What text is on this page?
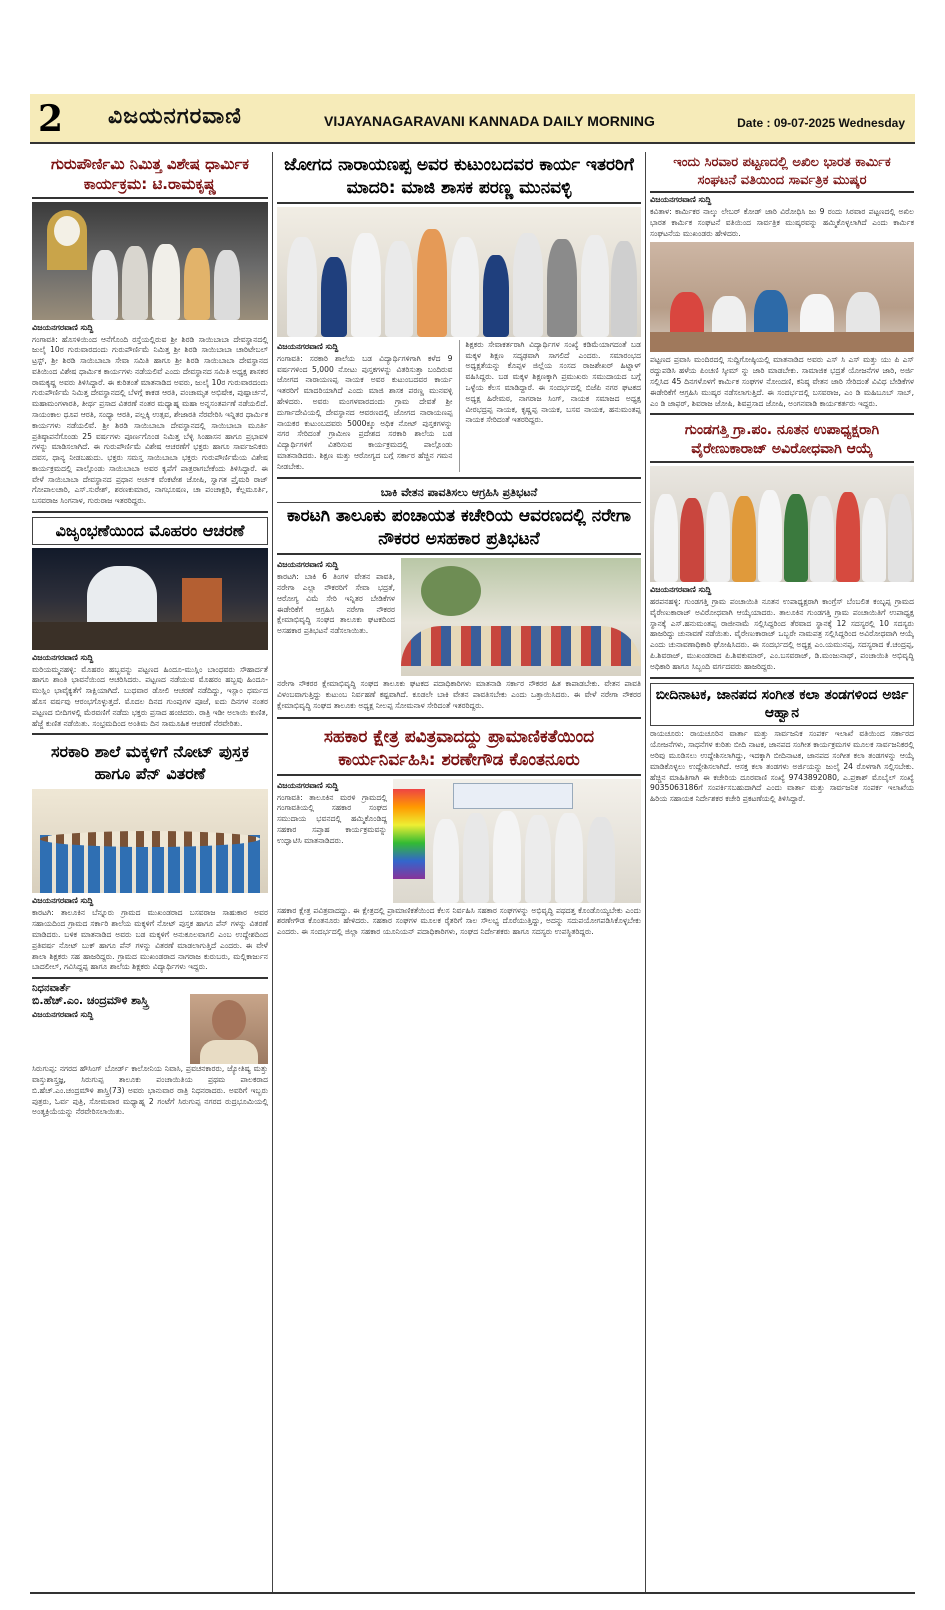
2 ವಿಜಯನಗರವಾಣಿ	VIJAYANAGARAVANI KANNADA DAILY MORNING	Date : 09-07-2025 Wednesday
ಗುರುಪೌರ್ಣಿಮಿ ನಿಮಿತ್ತ ವಿಶೇಷ ಧಾರ್ಮಿಕ ಕಾರ್ಯಕ್ರಮ: ಟಿ.ರಾಮಕೃಷ್ಣ
ವಿಜಯನಗರವಾಣಿ ಸುದ್ದಿ
ಗಂಗಾವತಿ: ಹೊಸಳಿಯಿಂದ ಆನೆಗೊಂದಿ ರಸ್ತೆಯಲ್ಲಿರುವ ಶ್ರೀ ಶಿರಡಿ ಸಾಯಿಬಾಬಾ ದೇವಸ್ಥಾನದಲ್ಲಿ ಜುಲೈ 10ರ ಗುರುವಾರದಂದು ಗುರುಪೌರ್ಣಿಮೆ ನಿಮಿತ್ತ ಶ್ರೀ ಶಿರಡಿ ಸಾಯಿಬಾಬಾ ಚಾರಿಟೇಬಲ್ ಟ್ರಸ್ಟ್, ಶ್ರೀ ಶಿರಡಿ ಸಾಯಿಬಾಬಾ ಸೇವಾ ಸಮಿತಿ ಹಾಗೂ ಶ್ರೀ ಶಿರಡಿ ಸಾಯಿಬಾಬಾ ದೇವಸ್ಥಾನದ ವತಿಯಿಂದ ವಿಶೇಷ ಧಾರ್ಮಿಕ ಕಾರ್ಯಗಳು ನಡೆಯಲಿವೆ ಎಂದು ದೇವಸ್ಥಾನದ ಸಮಿತಿ ಅಧ್ಯಕ್ಷ ಶಾಸಕರ ರಾಮಕೃಷ್ಣ ಅವರು ತಿಳಿಸಿದ್ದಾರೆ. ಈ ಕುರಿತಂತೆ ಮಾತನಾಡಿದ ಅವರು, ಜುಲೈ 10ರ ಗುರುವಾರದಂದು ಗುರುಪೌರ್ಣಿಮೆ ನಿಮಿತ್ತ ದೇವಸ್ಥಾನದಲ್ಲಿ ಬೆಳಗ್ಗೆ ಕಾಕಡ ಆರತಿ, ಪಂಚಾಮೃತ ಅಭಿಷೇಕ, ಪುಷ್ಪಾರ್ಚನೆ, ಮಹಾಮಂಗಳಾರತಿ, ತೀರ್ಥ ಪ್ರಸಾದ ವಿತರಣೆ ನಂತರ ಮಧ್ಯಾಹ್ನ ಮಹಾ ಅನ್ನಸಂತರ್ಪಣೆ ನಡೆಯಲಿದೆ. ಸಾಯಂಕಾಲ ಧೂಪ ಆರತಿ, ಸಂಧ್ಯಾ ಆರತಿ, ಪಲ್ಲಕ್ಕಿ ಉತ್ಸವ, ಶೇಜಾರತಿ ನೆರವೇರಿಸಿ ಇನ್ನಿತರ ಧಾರ್ಮಿಕ ಕಾರ್ಯಗಳು ನಡೆಯಲಿವೆ. ಶ್ರೀ ಶಿರಡಿ ಸಾಯಿಬಾಬಾ ದೇವಸ್ಥಾನದಲ್ಲಿ ಸಾಯಿಬಾಬಾ ಮೂರ್ತಿ ಪ್ರತಿಷ್ಠಾಪನೆಗೊಂಡು 25 ವರ್ಷಗಳು ಪೂರ್ಣಗೊಂಡ ನಿಮಿತ್ತ ಬೆಳ್ಳಿ ಸಿಂಹಾಸನ ಹಾಗೂ ಪ್ರಭಾವಳಿ ಗಳನ್ನು ಮಾಡಿಸಲಾಗಿದೆ. ಈ ಗುರುಪೌರ್ಣಿಮೆ ವಿಶೇಷ ಆಚರಣೆಗೆ ಭಕ್ತರು ಹಾಗೂ ಸಾರ್ವಜನಿಕರು ದವಸ, ಧಾನ್ಯ ನೀಡಬಹುದು. ಭಕ್ತರು ಸಮಸ್ತ ಸಾಯಿಬಾಬಾ ಭಕ್ತರು ಗುರುಪೌರ್ಣಿಮೆಯ ವಿಶೇಷ ಕಾರ್ಯಕ್ರಮದಲ್ಲಿ ಪಾಲ್ಗೊಂಡು ಸಾಯಿಬಾಬಾ ಅವರ ಕೃಪೆಗೆ ಪಾತ್ರರಾಗಬೇಕೆಂದು ತಿಳಿಸಿದ್ದಾರೆ. ಈ ವೇಳೆ ಸಾಯಿಬಾಬಾ ದೇವಸ್ಥಾನದ ಪ್ರಧಾನ ಅರ್ಚಕ ವೆಂಕಟೇಶ ಜೋಷಿ, ಸ್ವಾಗತ ಪ್ರೈಮರಿ ರಾಜ್ ಗೋಪಾಲಚಾರಿ, ಎಸ್.ಸುರೇಶ್, ಶರಣಕುಮಾರ, ನಾಗಭೂಷಣ, ಚಾ ಪಂಚಾಕ್ಷರಿ, ಕೆಲ್ಲಮೂರ್ತಿ, ಬಸವರಾಜ ಸಿಂಗನಾಳ, ಗುರುರಾಜ ಇತರರಿದ್ದರು.
ವಿಜೃಂಭಣೆಯಿಂದ ಮೊಹರಂ ಆಚರಣೆ
ವಿಜಯನಗರವಾಣಿ ಸುದ್ದಿ
ಮರಿಯಮ್ಮನಹಳ್ಳಿ: ಮೊಹರಂ ಹಬ್ಬವನ್ನು ಪಟ್ಟಣದ ಹಿಂದೂ-ಮುಸ್ಲಿಂ ಬಾಂಧವರು ಸೌಹಾರ್ದತೆ ಹಾಗೂ ಶಾಂತಿ ಭಾವನೆಯಿಂದ ಆಚರಿಸಿದರು. ಪಟ್ಟಣದ ನಡೆಯುವ ಮೊಹರಂ ಹಬ್ಬವು ಹಿಂದೂ-ಮುಸ್ಲಿಂ ಭಾವೈಕ್ಯತೆಗೆ ಸಾಕ್ಷಿಯಾಗಿದೆ. ಬುಧವಾರ ಡೋಲಿ ಆಚರಣೆ ನಡೆದಿದ್ದು, ಇಸ್ಲಾಂ ಧರ್ಮದ ಹೊಸ ವರ್ಷವು ಆರಂಭಗೊಳ್ಳುತ್ತದೆ. ಮೊದಲ ದಿನದ ಗುಂಪುಗಳ ಪೂಜೆ, ಐದು ದಿನಗಳ ನಂತರ ಪಟ್ಟಣದ ಬೀದಿಗಳಲ್ಲಿ ಮೆರವಣಿಗೆ ನಡೆದು ಭಕ್ತರು ಪ್ರಸಾದ ಹಂಚಿದರು. ರಾತ್ರಿ ಇಡೀ ಅಲಾಯಿ ಕುಣಿತ, ಹೆಜ್ಜೆ ಕುಣಿತ ನಡೆಯಿತು. ಸಂಭ್ರಮದಿಂದ ಅಂತಿಮ ದಿನ ಸಾಮೂಹಿಕ ಆಚರಣೆ ನೆರವೇರಿತು.
ಸರಕಾರಿ ಶಾಲೆ ಮಕ್ಕಳಿಗೆ ನೋಟ್ ಪುಸ್ತಕ ಹಾಗೂ ಪೆನ್ ವಿತರಣೆ
ವಿಜಯನಗರವಾಣಿ ಸುದ್ದಿ
ಕಾರಟಗಿ: ತಾಲೂಕಿನ ಬೆನ್ನೂರು ಗ್ರಾಮದ ಮುಖಂಡರಾದ ಬಸವರಾಜ ಸಾಹುಕಾರ ಅವರ ಸಹಾಯದಿಂದ ಗ್ರಾಮದ ಸರ್ಕಾರಿ ಶಾಲೆಯ ಮಕ್ಕಳಿಗೆ ನೋಟ್ ಪುಸ್ತಕ ಹಾಗೂ ಪೆನ್ ಗಳನ್ನು ವಿತರಣೆ ಮಾಡಿದರು. ಬಳಿಕ ಮಾತನಾಡಿದ ಅವರು ಬಡ ಮಕ್ಕಳಿಗೆ ಅನುಕೂಲವಾಗಲಿ ಎಂಬ ಉದ್ದೇಶದಿಂದ ಪ್ರತಿವರ್ಷ ನೋಟ್ ಬುಕ್ ಹಾಗೂ ಪೆನ್ ಗಳನ್ನು ವಿತರಣೆ ಮಾಡಲಾಗುತ್ತಿದೆ ಎಂದರು. ಈ ವೇಳೆ ಶಾಲಾ ಶಿಕ್ಷಕರು ಸಹ ಹಾಜರಿದ್ದರು. ಗ್ರಾಮದ ಮುಖಂಡರಾದ ನಾಗರಾಜ ಕುರುಬರು, ಮಲ್ಲಿಕಾರ್ಜುನ ಬಾದಲೀಲ್, ಗವಿಸಿದ್ದಪ್ಪ ಹಾಗೂ ಶಾಲೆಯ ಶಿಕ್ಷಕರು ವಿದ್ಯಾರ್ಥಿಗಳು ಇದ್ದರು.
ನಿಧನವಾರ್ತೆ
ಬಿ.ಹೆಚ್.ಎಂ. ಚಂದ್ರಮೌಳಿ ಶಾಸ್ತ್ರಿ
ವಿಜಯನಗರವಾಣಿ ಸುದ್ದಿ
ಸಿರುಗುಪ್ಪ: ನಗರದ ಹೌಸಿಂಗ್ ಬೋರ್ಡ್ ಕಾಲೋನಿಯ ನಿವಾಸಿ, ಪ್ರವಚನಕಾರರು, ಜ್ಯೋತಿಷ್ಯ ಮತ್ತು ವಾಸ್ತುಶಾಸ್ತ್ರಜ್ಞ, ಸಿರುಗುಪ್ಪ ತಾಲೂಕು ಪಂಚಾಯಿತಿಯ ಪ್ರಥಮ ಪಾಲಕರಾದ ಬಿ.ಹೆಚ್.ಎಂ.ಚಂದ್ರಮೌಳಿ ಶಾಸ್ತ್ರಿ(73) ಅವರು ಭಾನುವಾರ ರಾತ್ರಿ ನಿಧನರಾದರು. ಅವರಿಗೆ ಇಬ್ಬರು ಪುತ್ರರು, ಓರ್ವ ಪುತ್ರಿ, ಸೋಮವಾರ ಮಧ್ಯಾಹ್ನ 2 ಗಂಟೆಗೆ ಸಿರುಗುಪ್ಪ ನಗರದ ರುದ್ರಭೂಮಿಯಲ್ಲಿ ಅಂತ್ಯಕ್ರಿಯೆಯನ್ನು ನೆರವೇರಿಸಲಾಯಿತು.
ಜೋಗದ ನಾರಾಯಣಪ್ಪ ಅವರ ಕುಟುಂಬದವರ ಕಾರ್ಯ ಇತರರಿಗೆ ಮಾದರಿ: ಮಾಜಿ ಶಾಸಕ ಪರಣ್ಣ ಮುನವಳ್ಳಿ
ವಿಜಯನಗರವಾಣಿ ಸುದ್ದಿ
ಗಂಗಾವತಿ: ಸರಕಾರಿ ಶಾಲೆಯ ಬಡ ವಿದ್ಯಾರ್ಥಿಗಳಿಗಾಗಿ ಕಳೆದ 9 ವರ್ಷಗಳಿಂದ 5,000 ನೋಟು ಪುಸ್ತಕಗಳನ್ನು ವಿತರಿಸುತ್ತಾ ಬಂದಿರುವ ಜೋಗದ ನಾರಾಯಣಪ್ಪ ನಾಯಕ ಅವರ ಕುಟುಂಬದವರ ಕಾರ್ಯ ಇತರರಿಗೆ ಮಾದರಿಯಾಗಿದೆ ಎಂದು ಮಾಜಿ ಶಾಸಕ ಪರಣ್ಣ ಮುನವಳ್ಳಿ ಹೇಳಿದರು. ಅವರು ಮಂಗಳವಾರದಂದು ಗ್ರಾಮ ದೇವತೆ ಶ್ರೀ ದುರ್ಗಾದೇವಿಯಲ್ಲಿ ದೇವಸ್ಥಾನದ ಆವರಣದಲ್ಲಿ ಜೋಗದ ನಾರಾಯಣಪ್ಪ ನಾಯಕರ ಕುಟುಂಬದವರು 5000ಕ್ಕೂ ಅಧಿಕ ನೋಟ್ ಪುಸ್ತಕಗಳನ್ನು ನಗರ ಸೇರಿದಂತೆ ಗ್ರಾಮೀಣ ಪ್ರದೇಶದ ಸರಕಾರಿ ಶಾಲೆಯ ಬಡ ವಿದ್ಯಾರ್ಥಿಗಳಿಗೆ ವಿತರಿಸುವ ಕಾರ್ಯಕ್ರಮದಲ್ಲಿ ಪಾಲ್ಗೊಂಡು ಮಾತನಾಡಿದರು. ಶಿಕ್ಷಣ ಮತ್ತು ಆರೋಗ್ಯದ ಬಗ್ಗೆ ಸರ್ಕಾರ ಹೆಚ್ಚಿನ ಗಮನ ನೀಡಬೇಕು.
ಶಿಕ್ಷಕರು ಸೇವಾಕರ್ತರಾಗಿ ವಿದ್ಯಾರ್ಥಿಗಳ ಸಂಖ್ಯೆ ಕಡಿಮೆಯಾಗದಂತೆ ಬಡ ಮಕ್ಕಳ ಶಿಕ್ಷಣ ಸದೃಢವಾಗಿ ಸಾಗಲಿದೆ ಎಂದರು. ಸಮಾರಂಭದ ಅಧ್ಯಕ್ಷತೆಯನ್ನು ಕೊಪ್ಪಳ ಜಿಲ್ಲೆಯ ಸಂಸದ ರಾಜಶೇಖರ್ ಹಿಟ್ನಾಳ್ ವಹಿಸಿದ್ದರು. ಬಡ ಮಕ್ಕಳ ಶಿಕ್ಷಣಕ್ಕಾಗಿ ಪ್ರಮುಖರು ಸಮುದಾಯದ ಬಗ್ಗೆ ಒಳ್ಳೆಯ ಕೆಲಸ ಮಾಡಿದ್ದಾರೆ. ಈ ಸಂದರ್ಭದಲ್ಲಿ ಬಿಜೆಪಿ ನಗರ ಘಟಕದ ಅಧ್ಯಕ್ಷ ಹಿರೇಮಠ, ನಾಗರಾಜ ಸಿಂಗ್, ನಾಯಕ ಸಮಾಜದ ಅಧ್ಯಕ್ಷ ವೀರಭದ್ರಪ್ಪ ನಾಯಕ, ಕೃಷ್ಣಪ್ಪ ನಾಯಕ, ಬಸವ ನಾಯಕ, ಹನುಮಂತಪ್ಪ ನಾಯಕ ಸೇರಿದಂತೆ ಇತರರಿದ್ದರು.
ಬಾಕಿ ವೇತನ ಪಾವತಿಸಲು ಆಗ್ರಹಿಸಿ ಪ್ರತಿಭಟನೆ
ಕಾರಟಗಿ ತಾಲೂಕು ಪಂಚಾಯತ ಕಚೇರಿಯ ಆವರಣದಲ್ಲಿ ನರೇಗಾ ನೌಕರರ ಅಸಹಕಾರ ಪ್ರತಿಭಟನೆ
ವಿಜಯನಗರವಾಣಿ ಸುದ್ದಿ
ಕಾರಟಗಿ: ಬಾಕಿ 6 ತಿಂಗಳ ವೇತನ ಪಾವತಿ, ನರೇಗಾ ಎಲ್ಲಾ ನೌಕರರಿಗೆ ಸೇವಾ ಭದ್ರತೆ, ಆರೋಗ್ಯ ವಿಮೆ ಸೇರಿ ಇನ್ನಿತರ ಬೇಡಿಕೆಗಳ ಈಡೇರಿಕೆಗೆ ಆಗ್ರಹಿಸಿ ನರೇಗಾ ನೌಕರರ ಕ್ಷೇಮಾಭಿವೃದ್ಧಿ ಸಂಘದ ತಾಲೂಕು ಘಟಕದಿಂದ ಅಸಹಕಾರ ಪ್ರತಿಭಟನೆ ನಡೆಸಲಾಯಿತು.
ನರೇಗಾ ನೌಕರರ ಕ್ಷೇಮಾಭಿವೃದ್ಧಿ ಸಂಘದ ತಾಲೂಕು ಘಟಕದ ಪದಾಧಿಕಾರಿಗಳು ಮಾತನಾಡಿ ಸರ್ಕಾರ ನೌಕರರ ಹಿತ ಕಾಪಾಡಬೇಕು. ವೇತನ ಪಾವತಿ ವಿಳಂಬವಾಗುತ್ತಿದ್ದು ಕುಟುಂಬ ನಿರ್ವಹಣೆ ಕಷ್ಟವಾಗಿದೆ. ಕೂಡಲೇ ಬಾಕಿ ವೇತನ ಪಾವತಿಸಬೇಕು ಎಂದು ಒತ್ತಾಯಿಸಿದರು. ಈ ವೇಳೆ ನರೇಗಾ ನೌಕರರ ಕ್ಷೇಮಾಭಿವೃದ್ಧಿ ಸಂಘದ ತಾಲೂಕು ಅಧ್ಯಕ್ಷ ನೀಲಪ್ಪ ಸೋಮನಾಳ ಸೇರಿದಂತೆ ಇತರರಿದ್ದರು.
ಸಹಕಾರ ಕ್ಷೇತ್ರ ಪವಿತ್ರವಾದದ್ದು ಪ್ರಾಮಾಣಿಕತೆಯಿಂದ ಕಾರ್ಯನಿರ್ವಹಿಸಿ: ಶರಣೇಗೌಡ ಕೊಂತನೂರು
ವಿಜಯನಗರವಾಣಿ ಸುದ್ದಿ
ಗಂಗಾವತಿ: ತಾಲೂಕಿನ ಮರಳಿ ಗ್ರಾಮದಲ್ಲಿ ಗಂಗಾವತಿಯಲ್ಲಿ ಸಹಕಾರ ಸಂಘದ ಸಮುದಾಯ ಭವನದಲ್ಲಿ ಹಮ್ಮಿಕೊಂಡಿದ್ದ ಸಹಕಾರ ಸಪ್ತಾಹ ಕಾರ್ಯಕ್ರಮವನ್ನು ಉದ್ಘಾಟಿಸಿ ಮಾತನಾಡಿದರು.
ಸಹಕಾರ ಕ್ಷೇತ್ರ ಪವಿತ್ರವಾದದ್ದು. ಈ ಕ್ಷೇತ್ರದಲ್ಲಿ ಪ್ರಾಮಾಣಿಕತೆಯಿಂದ ಕೆಲಸ ನಿರ್ವಹಿಸಿ ಸಹಕಾರ ಸಂಘಗಳನ್ನು ಅಭಿವೃದ್ಧಿ ಪಥದತ್ತ ಕೊಂಡೊಯ್ಯಬೇಕು ಎಂದು ಶರಣೇಗೌಡ ಕೊಂತನೂರು ಹೇಳಿದರು. ಸಹಕಾರ ಸಂಘಗಳ ಮೂಲಕ ರೈತರಿಗೆ ಸಾಲ ಸೌಲಭ್ಯ ದೊರೆಯುತ್ತಿದ್ದು, ಅದನ್ನು ಸದುಪಯೋಗಪಡಿಸಿಕೊಳ್ಳಬೇಕು ಎಂದರು. ಈ ಸಂದರ್ಭದಲ್ಲಿ ಜಿಲ್ಲಾ ಸಹಕಾರ ಯೂನಿಯನ್ ಪದಾಧಿಕಾರಿಗಳು, ಸಂಘದ ನಿರ್ದೇಶಕರು ಹಾಗೂ ಸದಸ್ಯರು ಉಪಸ್ಥಿತರಿದ್ದರು.
ಇಂದು ಸಿರವಾರ ಪಟ್ಟಣದಲ್ಲಿ ಅಖಿಲ ಭಾರತ ಕಾರ್ಮಿಕ ಸಂಘಟನೆ ವತಿಯಿಂದ ಸಾರ್ವತ್ರಿಕ ಮುಷ್ಕರ
ವಿಜಯನಗರವಾಣಿ ಸುದ್ದಿ
ಕವಿತಾಳ: ಕಾರ್ಮಿಕರ ನಾಲ್ಕು ಲೇಬರ್ ಕೋಡ್ ಜಾರಿ ವಿರೋಧಿಸಿ ಜು 9 ರಂದು ಸಿರವಾರ ಪಟ್ಟಣದಲ್ಲಿ ಅಖಿಲ ಭಾರತ ಕಾರ್ಮಿಕ ಸಂಘಟನೆ ವತಿಯಿಂದ ಸಾರ್ವತ್ರಿಕ ಮುಷ್ಕರವನ್ನು ಹಮ್ಮಿಕೊಳ್ಳಲಾಗಿದೆ ಎಂದು ಕಾರ್ಮಿಕ ಸಂಘಟನೆಯ ಮುಖಂಡರು ಹೇಳಿದರು.
ಪಟ್ಟಣದ ಪ್ರವಾಸಿ ಮಂದಿರದಲ್ಲಿ ಸುದ್ದಿಗೋಷ್ಠಿಯಲ್ಲಿ ಮಾತನಾಡಿದ ಅವರು ಎಸ್ ಸಿ ಎಸ್ ಮತ್ತು ಯು ಪಿ ಎಸ್ ರದ್ದುಪಡಿಸಿ ಹಳೆಯ ಪಿಂಚಣಿ ಸ್ಕೀಮ್ ನ್ನು ಜಾರಿ ಮಾಡಬೇಕು. ಸಾಮಾಜಿಕ ಭದ್ರತೆ ಯೋಜನೆಗಳ ಜಾರಿ, ಅರ್ಜಿ ಸಲ್ಲಿಸಿದ 45 ದಿನಗಳೊಳಗೆ ಕಾರ್ಮಿಕ ಸಂಘಗಳ ನೋಂದಣಿ, ಕನಿಷ್ಠ ವೇತನ ಜಾರಿ ಸೇರಿದಂತೆ ವಿವಿಧ ಬೇಡಿಕೆಗಳ ಈಡೇರಿಕೆಗೆ ಆಗ್ರಹಿಸಿ ಮುಷ್ಕರ ನಡೆಸಲಾಗುತ್ತಿದೆ. ಈ ಸಂದರ್ಭದಲ್ಲಿ ಬಸವರಾಜ, ಎಂ ಡಿ ಮಹಿಬೂಬ್ ಸಾಬ್, ಎಂ ಡಿ ಜಾಫರ್, ಶಿವರಾಜ ಜೋಷಿ, ಶಿವಪ್ರಸಾದ ಜೋಷಿ, ಅಂಗನವಾಡಿ ಕಾರ್ಯಕರ್ತರು ಇದ್ದರು.
ಗುಂಡಗತ್ತಿ ಗ್ರಾ.ಪಂ. ನೂತನ ಉಪಾಧ್ಯಕ್ಷರಾಗಿ ವೈರೇಣುಕಾರಾಜ್ ಅವಿರೋಧವಾಗಿ ಆಯ್ಕೆ
ವಿಜಯನಗರವಾಣಿ ಸುದ್ದಿ
ಹರಪನಹಳ್ಳಿ: ಗುಂಡಗತ್ತಿ ಗ್ರಾಮ ಪಂಚಾಯಿತಿ ನೂತನ ಉಪಾಧ್ಯಕ್ಷರಾಗಿ ಕಾಂಗ್ರೆಸ್ ಬೆಂಬಲಿತ ಕಂಬ್ಳಪ್ಪ ಗ್ರಾಮದ ವೈರೇಣುಕಾರಾಜ್ ಅವಿರೋಧವಾಗಿ ಆಯ್ಕೆಯಾದರು. ತಾಲೂಕಿನ ಗುಂಡಗತ್ತಿ ಗ್ರಾಮ ಪಂಚಾಯಿತಿಗೆ ಉಪಾಧ್ಯಕ್ಷ ಸ್ಥಾನಕ್ಕೆ ಎಸ್.ಹನುಮಂತಪ್ಪ ರಾಜೀನಾಮೆ ಸಲ್ಲಿಸಿದ್ದರಿಂದ ತೆರವಾದ ಸ್ಥಾನಕ್ಕೆ 12 ಸದಸ್ಯರಲ್ಲಿ 10 ಸದಸ್ಯರು ಹಾಜರಿದ್ದು ಚುನಾವಣೆ ನಡೆಯಿತು. ವೈರೇಣುಕಾರಾಜ್ ಒಬ್ಬರೇ ನಾಮಪತ್ರ ಸಲ್ಲಿಸಿದ್ದರಿಂದ ಅವಿರೋಧವಾಗಿ ಆಯ್ಕೆ ಎಂದು ಚುನಾವಣಾಧಿಕಾರಿ ಘೋಷಿಸಿದರು. ಈ ಸಂದರ್ಭದಲ್ಲಿ ಅಧ್ಯಕ್ಷ ಎಂ.ಯಮುನಪ್ಪ, ಸದಸ್ಯರಾದ ಕೆ.ಚಂದ್ರಪ್ಪ, ಪಿ.ಶಿವರಾಜ್, ಮುಖಂಡರಾದ ಪಿ.ಶಿವಕುಮಾರ್, ಎಂ.ಬಸವರಾಜ್, ಡಿ.ಮಂಜುನಾಥ್, ಪಂಚಾಯಿತಿ ಅಭಿವೃದ್ಧಿ ಅಧಿಕಾರಿ ಹಾಗೂ ಸಿಬ್ಬಂದಿ ವರ್ಗದವರು ಹಾಜರಿದ್ದರು.
ಬೀದಿನಾಟಕ, ಜಾನಪದ ಸಂಗೀತ ಕಲಾ ತಂಡಗಳಿಂದ ಅರ್ಜಿ ಆಹ್ವಾನ
ರಾಯಚೂರು: ರಾಯಚೂರಿನ ವಾರ್ತಾ ಮತ್ತು ಸಾರ್ವಜನಿಕ ಸಂಪರ್ಕ ಇಲಾಖೆ ವತಿಯಿಂದ ಸರ್ಕಾರದ ಯೋಜನೆಗಳು, ಸಾಧನೆಗಳ ಕುರಿತು ಬೀದಿ ನಾಟಕ, ಜಾನಪದ ಸಂಗೀತ ಕಾರ್ಯಕ್ರಮಗಳ ಮೂಲಕ ಸಾರ್ವಜನಿಕರಲ್ಲಿ ಅರಿವು ಮೂಡಿಸಲು ಉದ್ದೇಶಿಸಲಾಗಿದ್ದು, ಇದಕ್ಕಾಗಿ ಬೀದಿನಾಟಕ, ಜಾನಪದ ಸಂಗೀತ ಕಲಾ ತಂಡಗಳನ್ನು ಆಯ್ಕೆ ಮಾಡಿಕೊಳ್ಳಲು ಉದ್ದೇಶಿಸಲಾಗಿದೆ. ಆಸಕ್ತ ಕಲಾ ತಂಡಗಳು ಅರ್ಜಿಯನ್ನು ಜುಲೈ 24 ರೊಳಗಾಗಿ ಸಲ್ಲಿಸಬೇಕು. ಹೆಚ್ಚಿನ ಮಾಹಿತಿಗಾಗಿ ಈ ಕಚೇರಿಯ ದೂರವಾಣಿ ಸಂಖ್ಯೆ 9743892080, ಎ.ಪ್ರಕಾಶ್ ಮೊಬೈಲ್ ಸಂಖ್ಯೆ 9035063186ಗೆ ಸಂಪರ್ಕಿಸಬಹುದಾಗಿದೆ ಎಂದು ವಾರ್ತಾ ಮತ್ತು ಸಾರ್ವಜನಿಕ ಸಂಪರ್ಕ ಇಲಾಖೆಯ ಹಿರಿಯ ಸಹಾಯಕ ನಿರ್ದೇಶಕರ ಕಚೇರಿ ಪ್ರಕಟಣೆಯಲ್ಲಿ ತಿಳಿಸಿದ್ದಾರೆ.
